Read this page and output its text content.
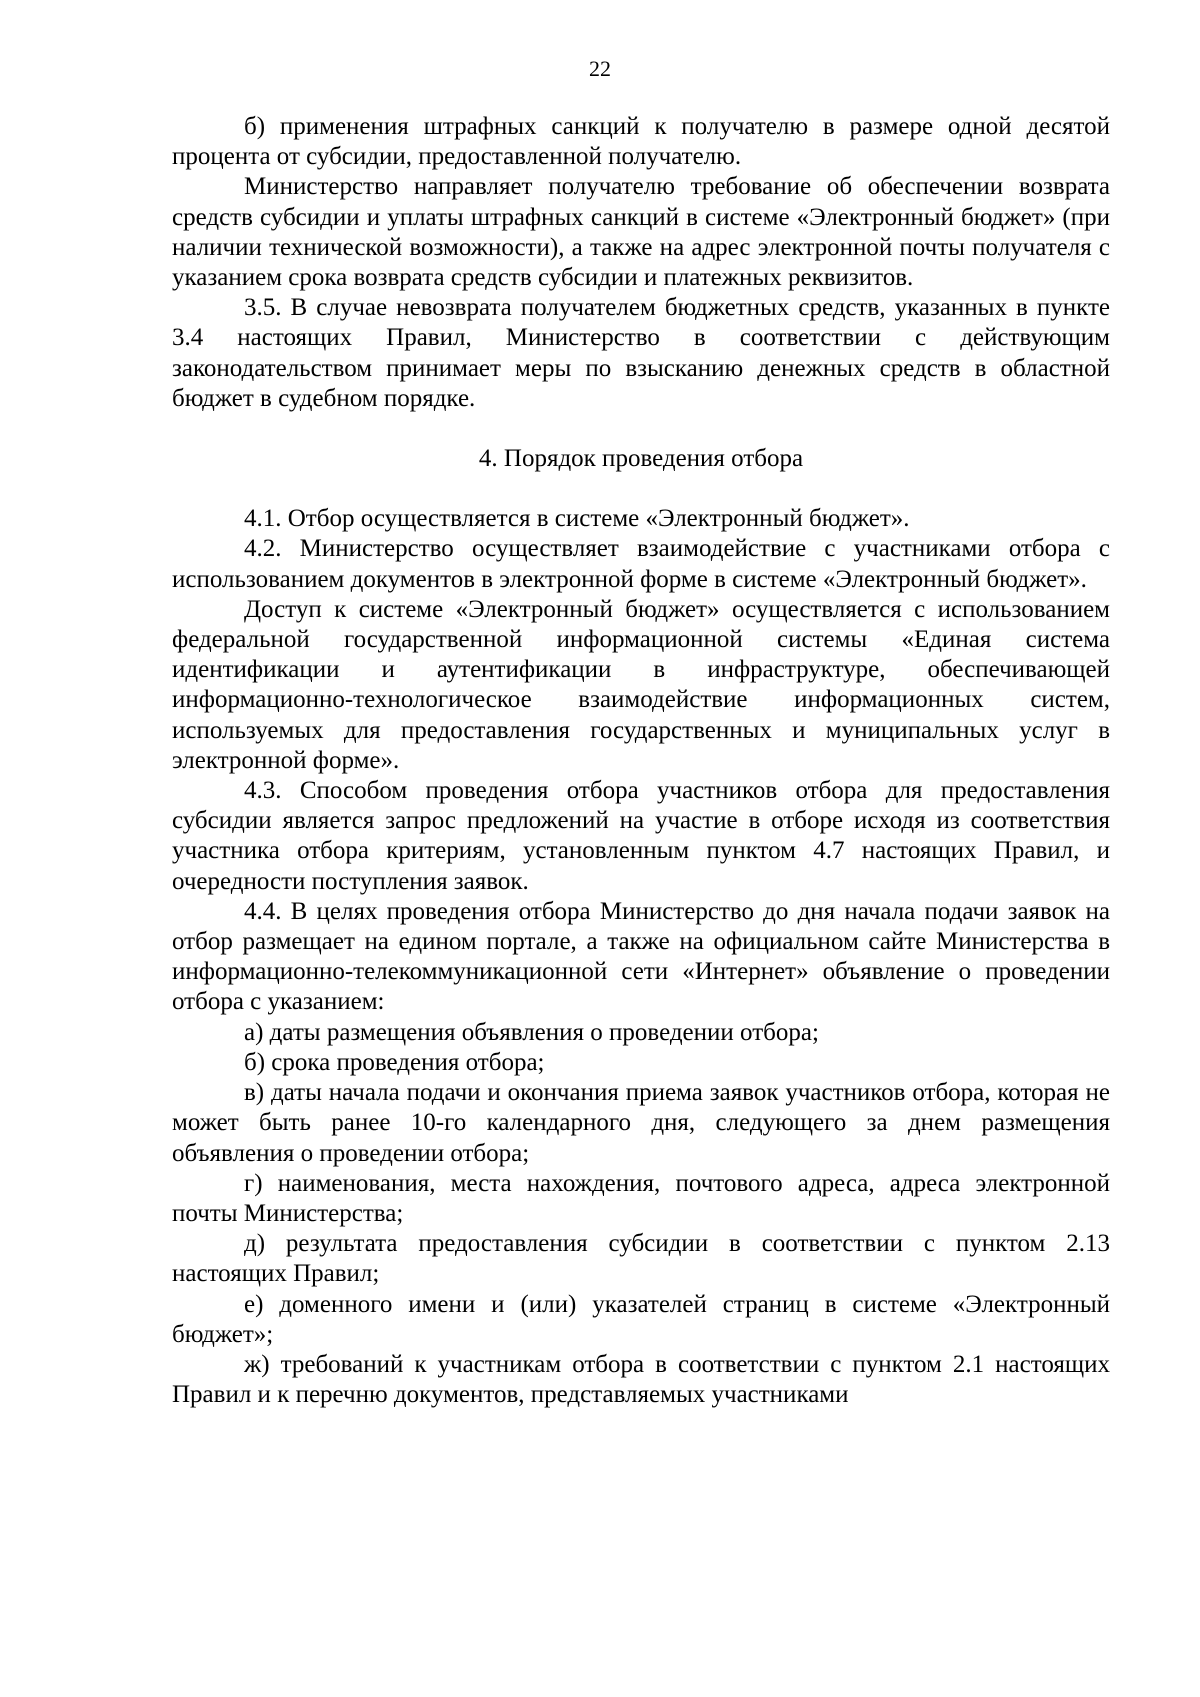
22

б) применения штрафных санкций к получателю в размере одной десятой процента от субсидии, предоставленной получателю.

Министерство направляет получателю требование об обеспечении возврата средств субсидии и уплаты штрафных санкций в системе «Электронный бюджет» (при наличии технической возможности), а также на адрес электронной почты получателя с указанием срока возврата средств субсидии и платежных реквизитов.

3.5. В случае невозврата получателем бюджетных средств, указанных в пункте 3.4 настоящих Правил, Министерство в соответствии с действующим законодательством принимает меры по взысканию денежных средств в областной бюджет в судебном порядке.

4. Порядок проведения отбора

4.1. Отбор осуществляется в системе «Электронный бюджет».

4.2. Министерство осуществляет взаимодействие с участниками отбора с использованием документов в электронной форме в системе «Электронный бюджет».

Доступ к системе «Электронный бюджет» осуществляется с использованием федеральной государственной информационной системы «Единая система идентификации и аутентификации в инфраструктуре, обеспечивающей информационно-технологическое взаимодействие информационных систем, используемых для предоставления государственных и муниципальных услуг в электронной форме».

4.3. Способом проведения отбора участников отбора для предоставления субсидии является запрос предложений на участие в отборе исходя из соответствия участника отбора критериям, установленным пунктом 4.7 настоящих Правил, и очередности поступления заявок.

4.4. В целях проведения отбора Министерство до дня начала подачи заявок на отбор размещает на едином портале, а также на официальном сайте Министерства в информационно-телекоммуникационной сети «Интернет» объявление о проведении отбора с указанием:

а) даты размещения объявления о проведении отбора;

б) срока проведения отбора;

в) даты начала подачи и окончания приема заявок участников отбора, которая не может быть ранее 10-го календарного дня, следующего за днем размещения объявления о проведении отбора;

г) наименования, места нахождения, почтового адреса, адреса электронной почты Министерства;

д) результата предоставления субсидии в соответствии с пунктом 2.13 настоящих Правил;

е) доменного имени и (или) указателей страниц в системе «Электронный бюджет»;

ж) требований к участникам отбора в соответствии с пунктом 2.1 настоящих Правил и к перечню документов, представляемых участниками
